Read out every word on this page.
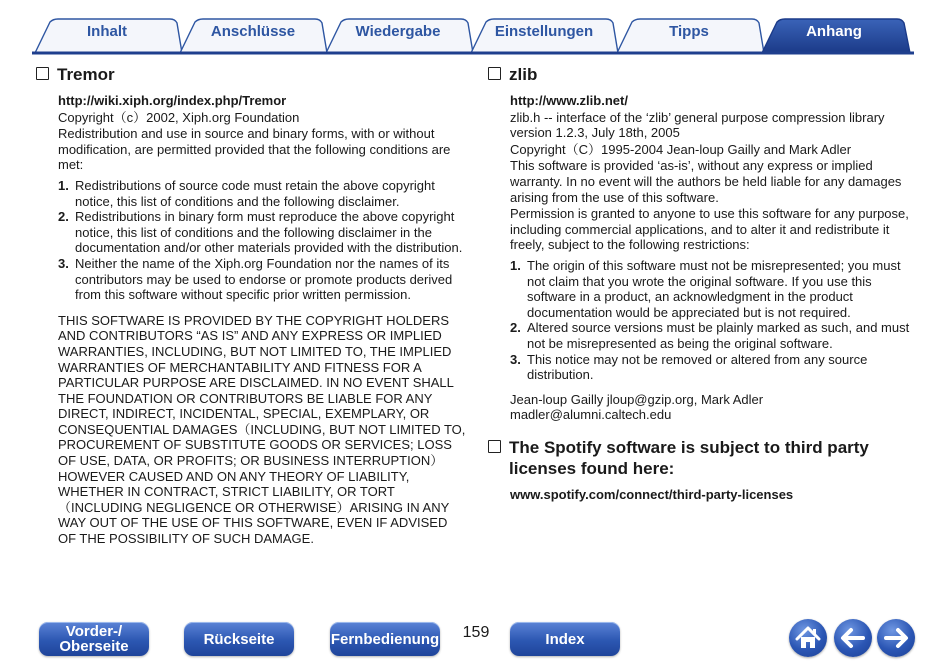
Inhalt	Anschlüsse	Wiedergabe	Einstellungen	Tipps	Anhang
Tremor
http://wiki.xiph.org/index.php/Tremor
Copyright（c）2002, Xiph.org Foundation
Redistribution and use in source and binary forms, with or without modification, are permitted provided that the following conditions are met:
1. Redistributions of source code must retain the above copyright notice, this list of conditions and the following disclaimer.
2. Redistributions in binary form must reproduce the above copyright notice, this list of conditions and the following disclaimer in the documentation and/or other materials provided with the distribution.
3. Neither the name of the Xiph.org Foundation nor the names of its contributors may be used to endorse or promote products derived from this software without specific prior written permission.
THIS SOFTWARE IS PROVIDED BY THE COPYRIGHT HOLDERS AND CONTRIBUTORS “AS IS” AND ANY EXPRESS OR IMPLIED WARRANTIES, INCLUDING, BUT NOT LIMITED TO, THE IMPLIED WARRANTIES OF MERCHANTABILITY AND FITNESS FOR A PARTICULAR PURPOSE ARE DISCLAIMED. IN NO EVENT SHALL THE FOUNDATION OR CONTRIBUTORS BE LIABLE FOR ANY DIRECT, INDIRECT, INCIDENTAL, SPECIAL, EXEMPLARY, OR CONSEQUENTIAL DAMAGES（INCLUDING, BUT NOT LIMITED TO, PROCUREMENT OF SUBSTITUTE GOODS OR SERVICES; LOSS OF USE, DATA, OR PROFITS; OR BUSINESS INTERRUPTION）HOWEVER CAUSED AND ON ANY THEORY OF LIABILITY, WHETHER IN CONTRACT, STRICT LIABILITY, OR TORT（INCLUDING NEGLIGENCE OR OTHERWISE）ARISING IN ANY WAY OUT OF THE USE OF THIS SOFTWARE, EVEN IF ADVISED OF THE POSSIBILITY OF SUCH DAMAGE.
zlib
http://www.zlib.net/
zlib.h -- interface of the ‘zlib’ general purpose compression library version 1.2.3, July 18th, 2005
Copyright（C）1995-2004 Jean-loup Gailly and Mark Adler
This software is provided ‘as-is’, without any express or implied warranty. In no event will the authors be held liable for any damages arising from the use of this software.
Permission is granted to anyone to use this software for any purpose, including commercial applications, and to alter it and redistribute it freely, subject to the following restrictions:
1. The origin of this software must not be misrepresented; you must not claim that you wrote the original software. If you use this software in a product, an acknowledgment in the product documentation would be appreciated but is not required.
2. Altered source versions must be plainly marked as such, and must not be misrepresented as being the original software.
3. This notice may not be removed or altered from any source distribution.
Jean-loup Gailly jloup@gzip.org, Mark Adler madler@alumni.caltech.edu
The Spotify software is subject to third party licenses found here:
www.spotify.com/connect/third-party-licenses
Vorder-/
Oberseite	Rückseite	Fernbedienung	159	Index
